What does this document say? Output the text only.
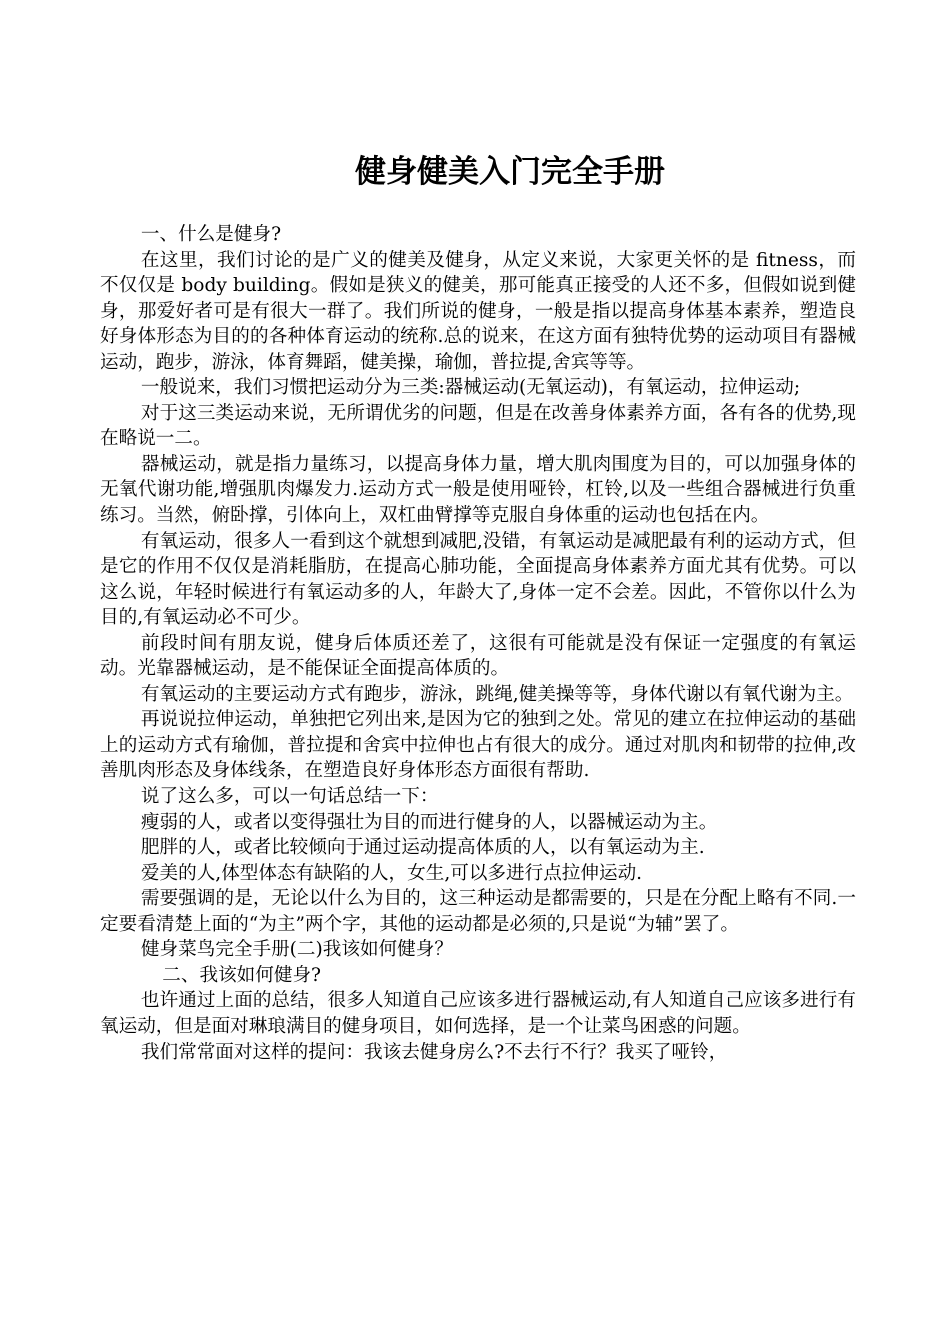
健身健美入门完全手册

一、什么是健身?

在这里，我们讨论的是广义的健美及健身，从定义来说，大家更关怀的是 fitness，而不仅仅是 body building。假如是狭义的健美，那可能真正接受的人还不多，但假如说到健身，那爱好者可是有很大一群了。我们所说的健身，一般是指以提高身体基本素养，塑造良好身体形态为目的的各种体育运动的统称.总的说来，在这方面有独特优势的运动项目有器械运动，跑步，游泳，体育舞蹈，健美操，瑜伽，普拉提,舍宾等等。

一般说来，我们习惯把运动分为三类:器械运动(无氧运动)，有氧运动，拉伸运动;

对于这三类运动来说，无所谓优劣的问题，但是在改善身体素养方面，各有各的优势,现在略说一二。

器械运动，就是指力量练习，以提高身体力量，增大肌肉围度为目的，可以加强身体的无氧代谢功能,增强肌肉爆发力.运动方式一般是使用哑铃，杠铃,以及一些组合器械进行负重练习。当然，俯卧撑，引体向上，双杠曲臂撑等克服自身体重的运动也包括在内。

有氧运动，很多人一看到这个就想到减肥,没错，有氧运动是减肥最有利的运动方式，但是它的作用不仅仅是消耗脂肪，在提高心肺功能，全面提高身体素养方面尤其有优势。可以这么说，年轻时候进行有氧运动多的人，年龄大了,身体一定不会差。因此，不管你以什么为目的,有氧运动必不可少。

前段时间有朋友说，健身后体质还差了，这很有可能就是没有保证一定强度的有氧运动。光靠器械运动，是不能保证全面提高体质的。

有氧运动的主要运动方式有跑步，游泳，跳绳,健美操等等，身体代谢以有氧代谢为主。

再说说拉伸运动，单独把它列出来,是因为它的独到之处。常见的建立在拉伸运动的基础上的运动方式有瑜伽，普拉提和舍宾中拉伸也占有很大的成分。通过对肌肉和韧带的拉伸,改善肌肉形态及身体线条，在塑造良好身体形态方面很有帮助.

说了这么多，可以一句话总结一下：

瘦弱的人，或者以变得强壮为目的而进行健身的人，以器械运动为主。

肥胖的人，或者比较倾向于通过运动提高体质的人，以有氧运动为主.

爱美的人,体型体态有缺陷的人，女生,可以多进行点拉伸运动.

需要强调的是，无论以什么为目的，这三种运动是都需要的，只是在分配上略有不同.一定要看清楚上面的“为主”两个字，其他的运动都是必须的,只是说“为辅”罢了。

健身菜鸟完全手册(二)我该如何健身？

二、我该如何健身?

也许通过上面的总结，很多人知道自己应该多进行器械运动,有人知道自己应该多进行有氧运动，但是面对琳琅满目的健身项目，如何选择，是一个让菜鸟困惑的问题。

我们常常面对这样的提问：我该去健身房么?不去行不行？我买了哑铃，
